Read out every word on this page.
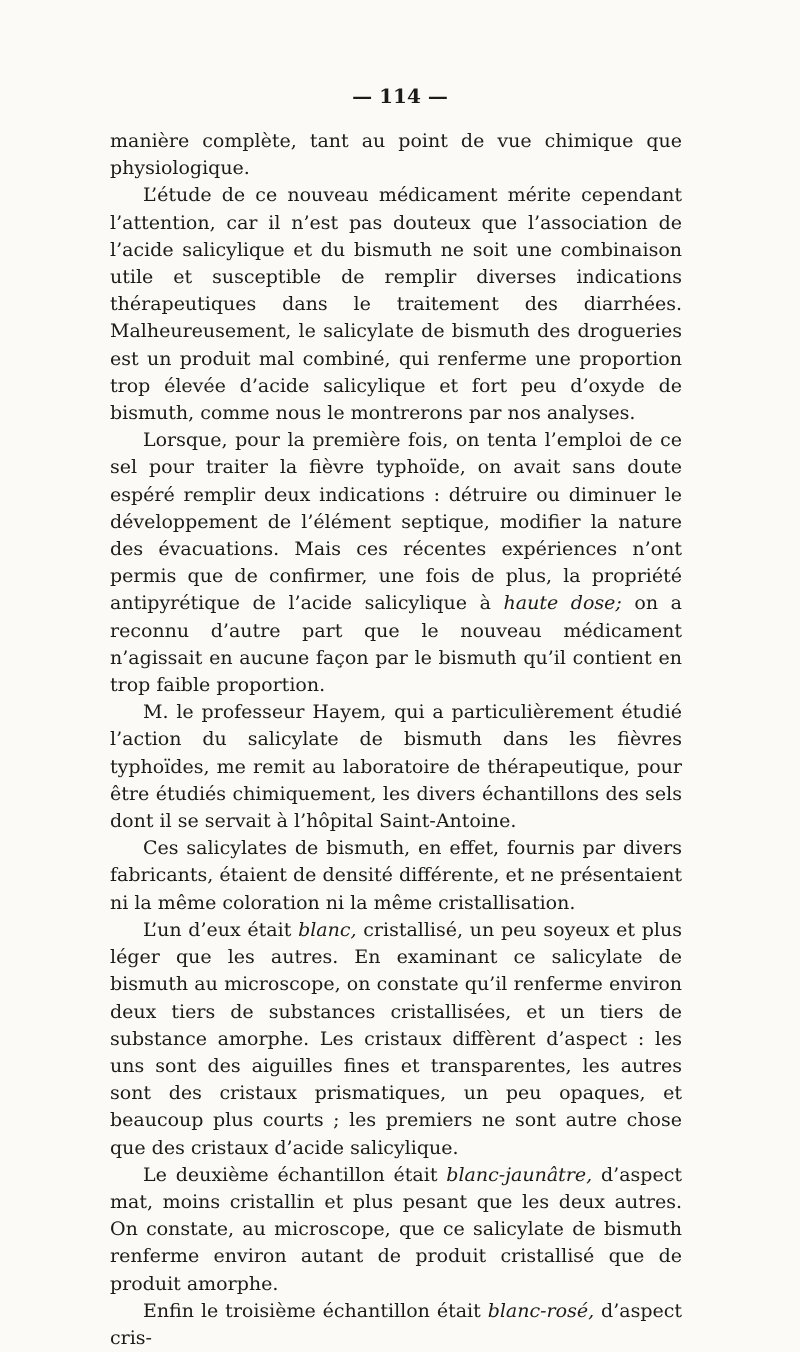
— 114 —

manière complète, tant au point de vue chimique que physiologique.

L’étude de ce nouveau médicament mérite cependant l’attention, car il n’est pas douteux que l’association de l’acide salicylique et du bismuth ne soit une combinaison utile et susceptible de remplir diverses indications thérapeutiques dans le traitement des diarrhées. Malheureusement, le salicylate de bismuth des drogueries est un produit mal combiné, qui renferme une proportion trop élevée d’acide salicylique et fort peu d’oxyde de bismuth, comme nous le montrerons par nos analyses.

Lorsque, pour la première fois, on tenta l’emploi de ce sel pour traiter la fièvre typhoïde, on avait sans doute espéré remplir deux indications : détruire ou diminuer le développement de l’élément septique, modifier la nature des évacuations. Mais ces récentes expériences n’ont permis que de confirmer, une fois de plus, la propriété antipyrétique de l’acide salicylique à haute dose; on a reconnu d’autre part que le nouveau médicament n’agissait en aucune façon par le bismuth qu’il contient en trop faible proportion.

M. le professeur Hayem, qui a particulièrement étudié l’action du salicylate de bismuth dans les fièvres typhoïdes, me remit au laboratoire de thérapeutique, pour être étudiés chimiquement, les divers échantillons des sels dont il se servait à l’hôpital Saint-Antoine.

Ces salicylates de bismuth, en effet, fournis par divers fabricants, étaient de densité différente, et ne présentaient ni la même coloration ni la même cristallisation.

L’un d’eux était blanc, cristallisé, un peu soyeux et plus léger que les autres. En examinant ce salicylate de bismuth au microscope, on constate qu’il renferme environ deux tiers de substances cristallisées, et un tiers de substance amorphe. Les cristaux diffèrent d’aspect : les uns sont des aiguilles fines et transparentes, les autres sont des cristaux prismatiques, un peu opaques, et beaucoup plus courts ; les premiers ne sont autre chose que des cristaux d’acide salicylique.

Le deuxième échantillon était blanc-jaunâtre, d’aspect mat, moins cristallin et plus pesant que les deux autres. On constate, au microscope, que ce salicylate de bismuth renferme environ autant de produit cristallisé que de produit amorphe.

Enfin le troisième échantillon était blanc-rosé, d’aspect cris-
